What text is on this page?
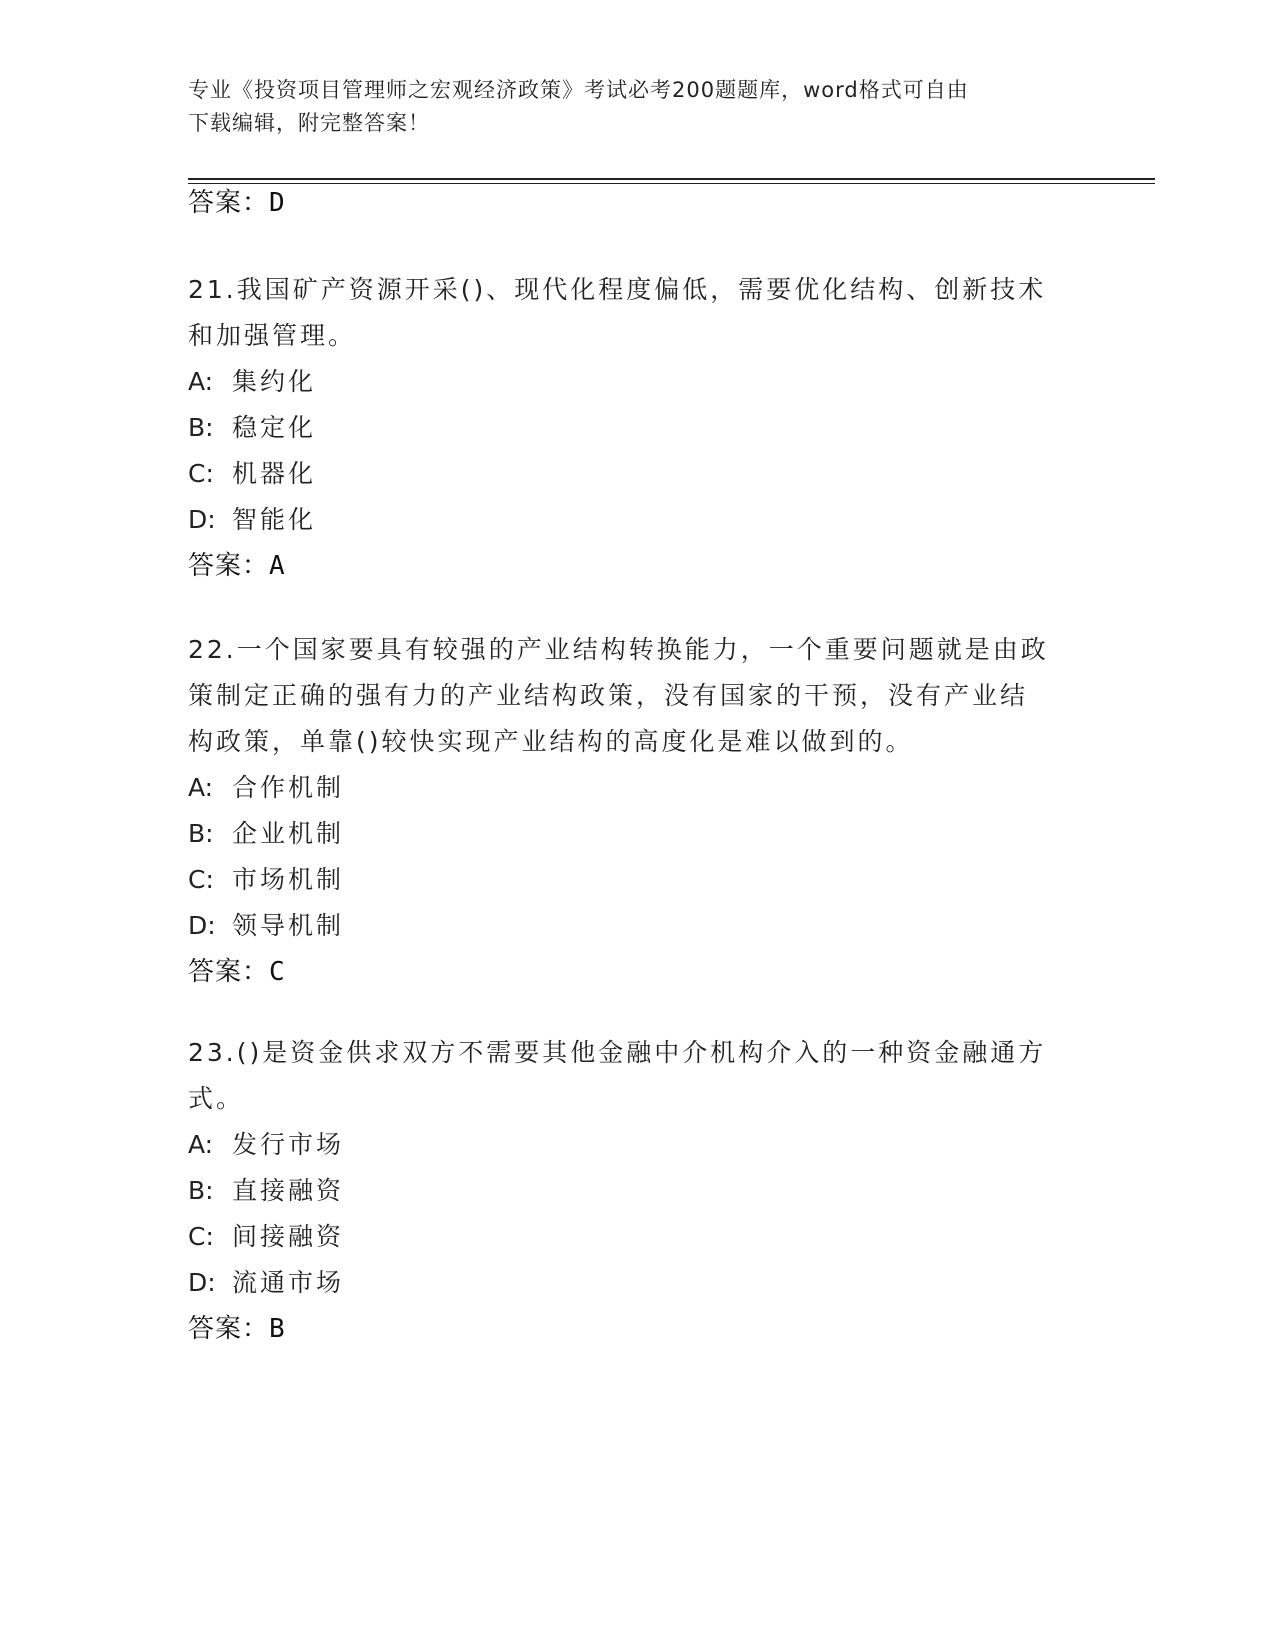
专业《投资项目管理师之宏观经济政策》考试必考200题题库，word格式可自由
下载编辑，附完整答案！
答案：D
21.我国矿产资源开采()、现代化程度偏低，需要优化结构、创新技术
和加强管理。
A: 集约化
B: 稳定化
C: 机器化
D: 智能化
答案：A
22.一个国家要具有较强的产业结构转换能力，一个重要问题就是由政
策制定正确的强有力的产业结构政策，没有国家的干预，没有产业结
构政策，单靠()较快实现产业结构的高度化是难以做到的。
A: 合作机制
B: 企业机制
C: 市场机制
D: 领导机制
答案：C
23.()是资金供求双方不需要其他金融中介机构介入的一种资金融通方
式。
A: 发行市场
B: 直接融资
C: 间接融资
D: 流通市场
答案：B
